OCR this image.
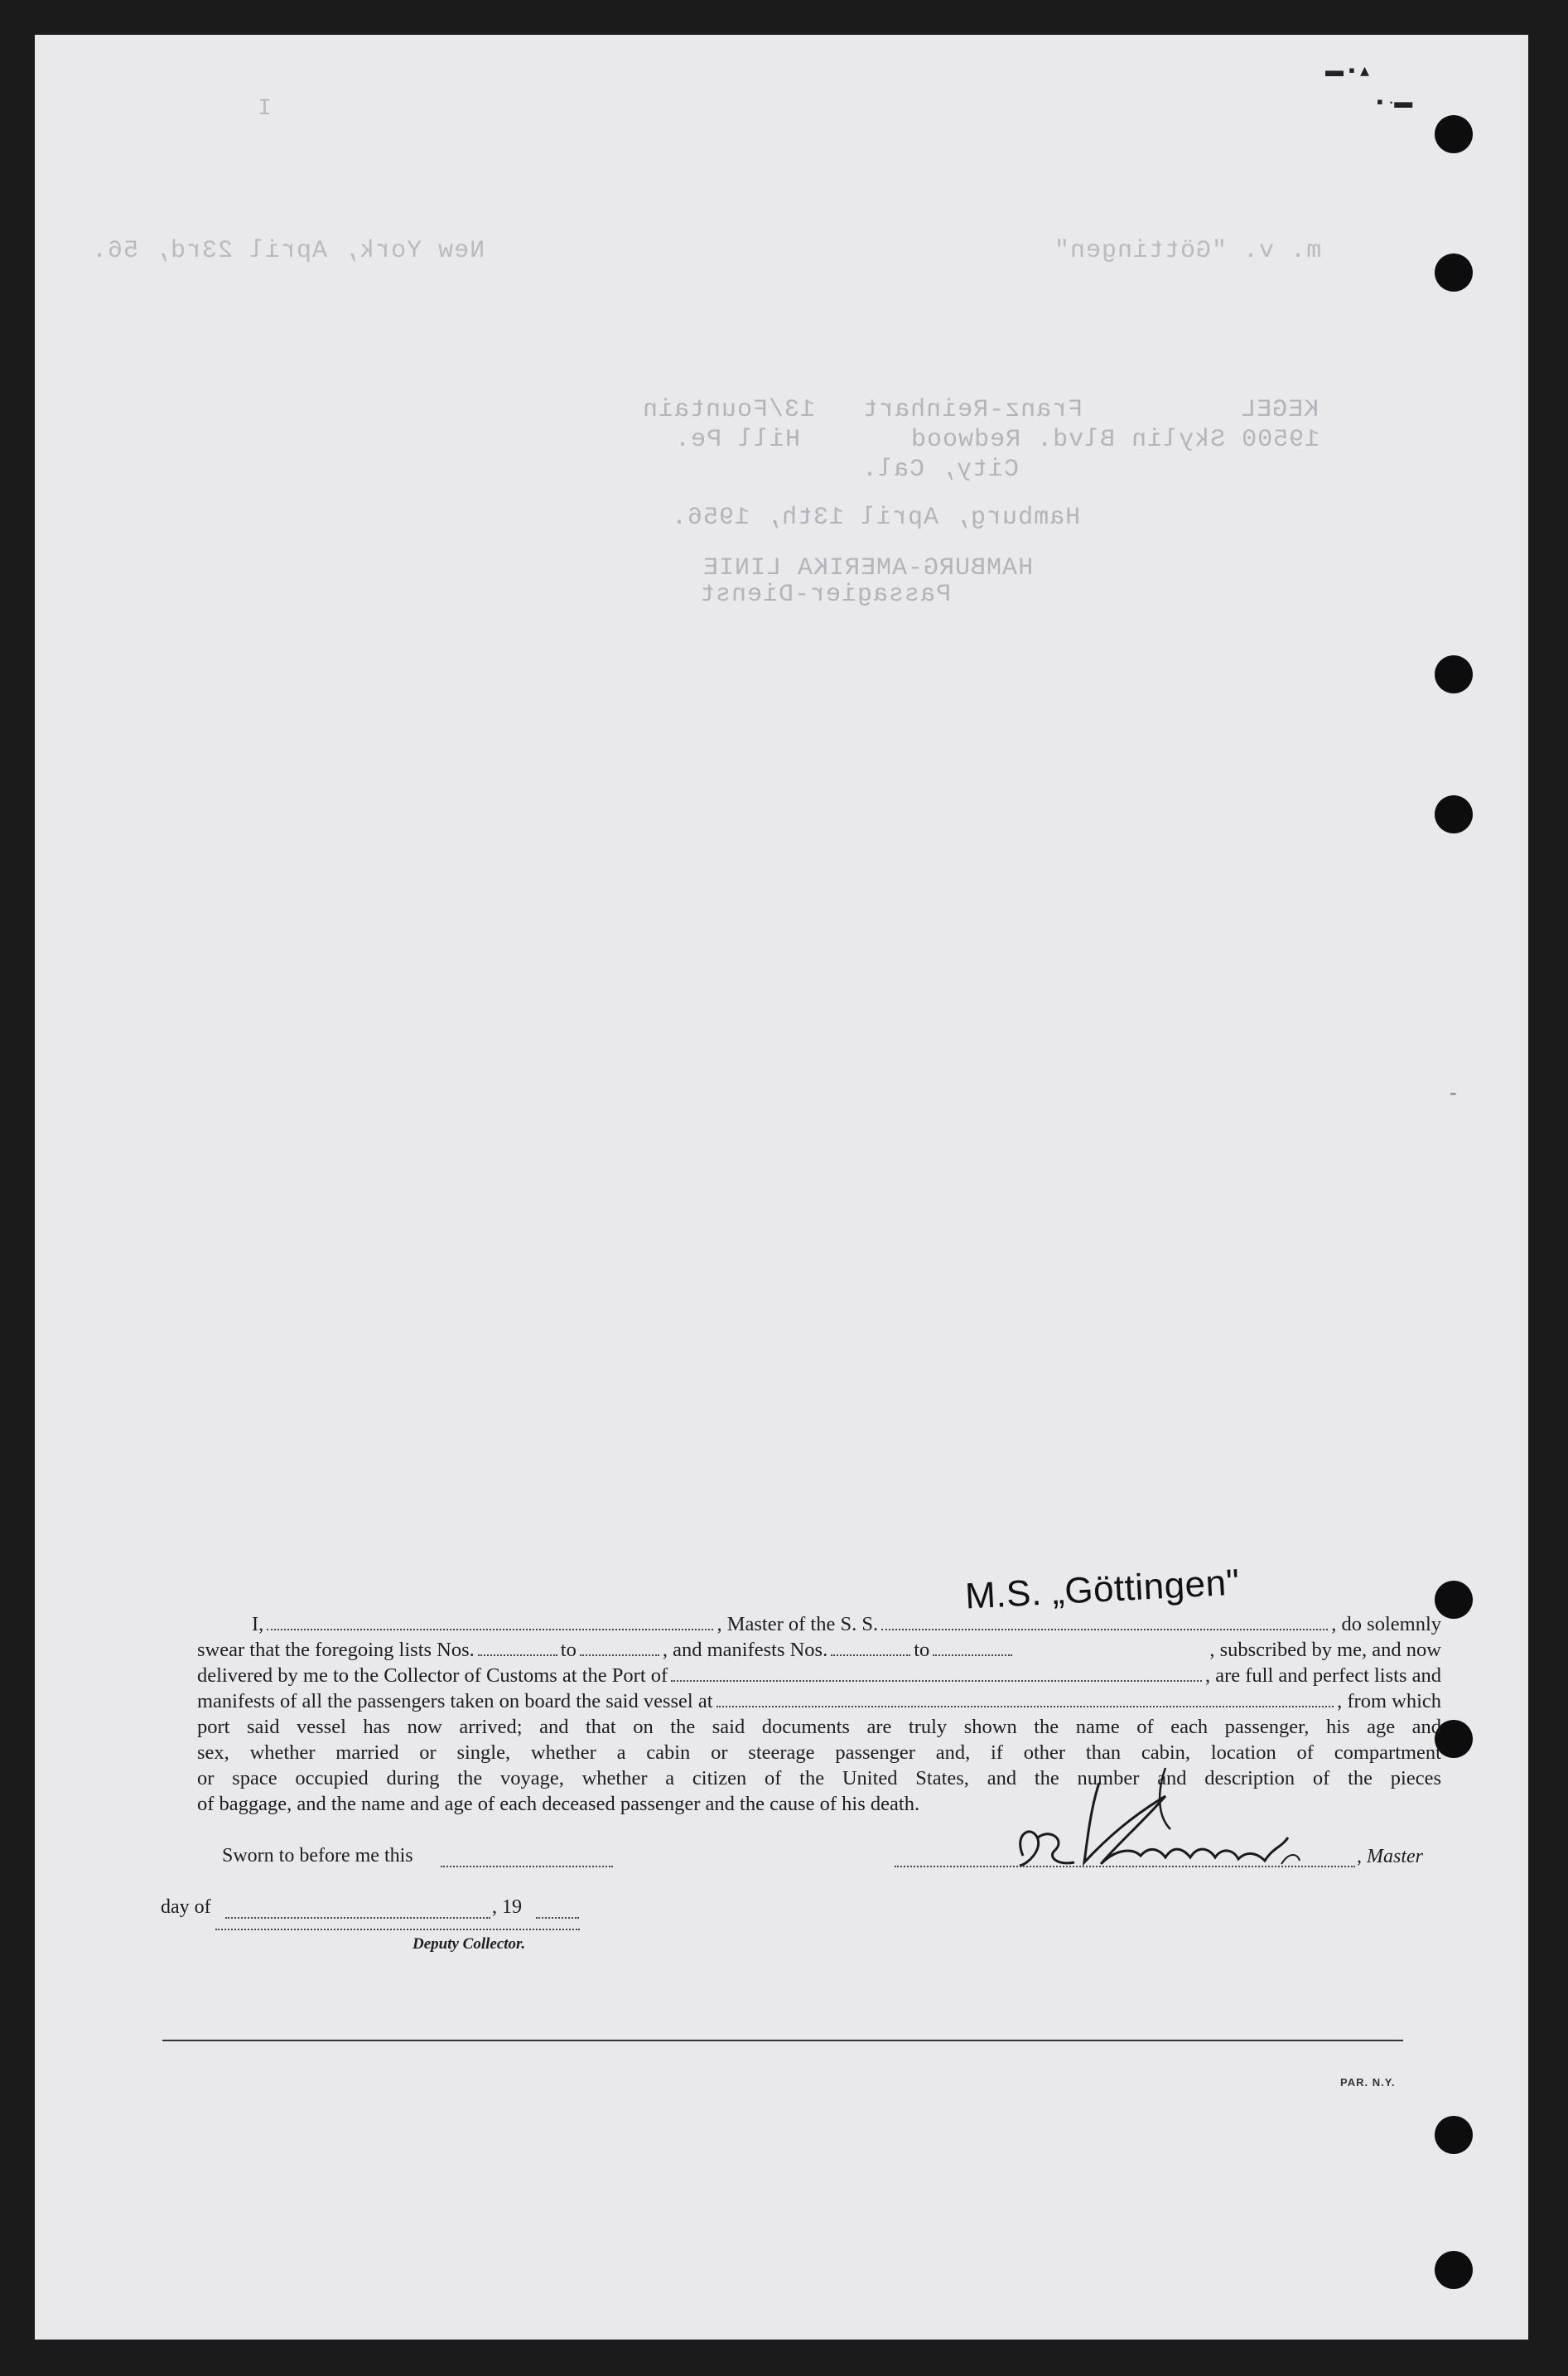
▬ ▪ ▴
▪ ·▬
I
New York, April 23rd, 56.	m. v. "Göttingen"
KEGEL          Franz-Reinhart   13/Fountain
19500 Skylin Blvd. Redwood       Hill Pe.
City, Cal.
Hamburg, April 13th, 1956.
HAMBURG-AMERIKA LINIE
Passagier-Dienst
M.S. „Göttingen"
I,	, Master of the S. S.	, do solemnly
swear that the foregoing lists Nos.	to	, and manifests Nos.	to	, subscribed by me, and now
delivered by me to the Collector of Customs at the Port of	, are full and perfect lists and
manifests of all the passengers taken on board the said vessel at	, from which
port said vessel has now arrived; and that on the said documents are truly shown the name of each passenger, his age and
sex, whether married or single, whether a cabin or steerage passenger and, if other than cabin, location of compartment
or space occupied during the voyage, whether a citizen of the United States, and the number and description of the pieces
of baggage, and the name and age of each deceased passenger and the cause of his death.
Sworn to before me this	, Master
day of	, 19
Deputy Collector.
PAR. N.Y.
-
